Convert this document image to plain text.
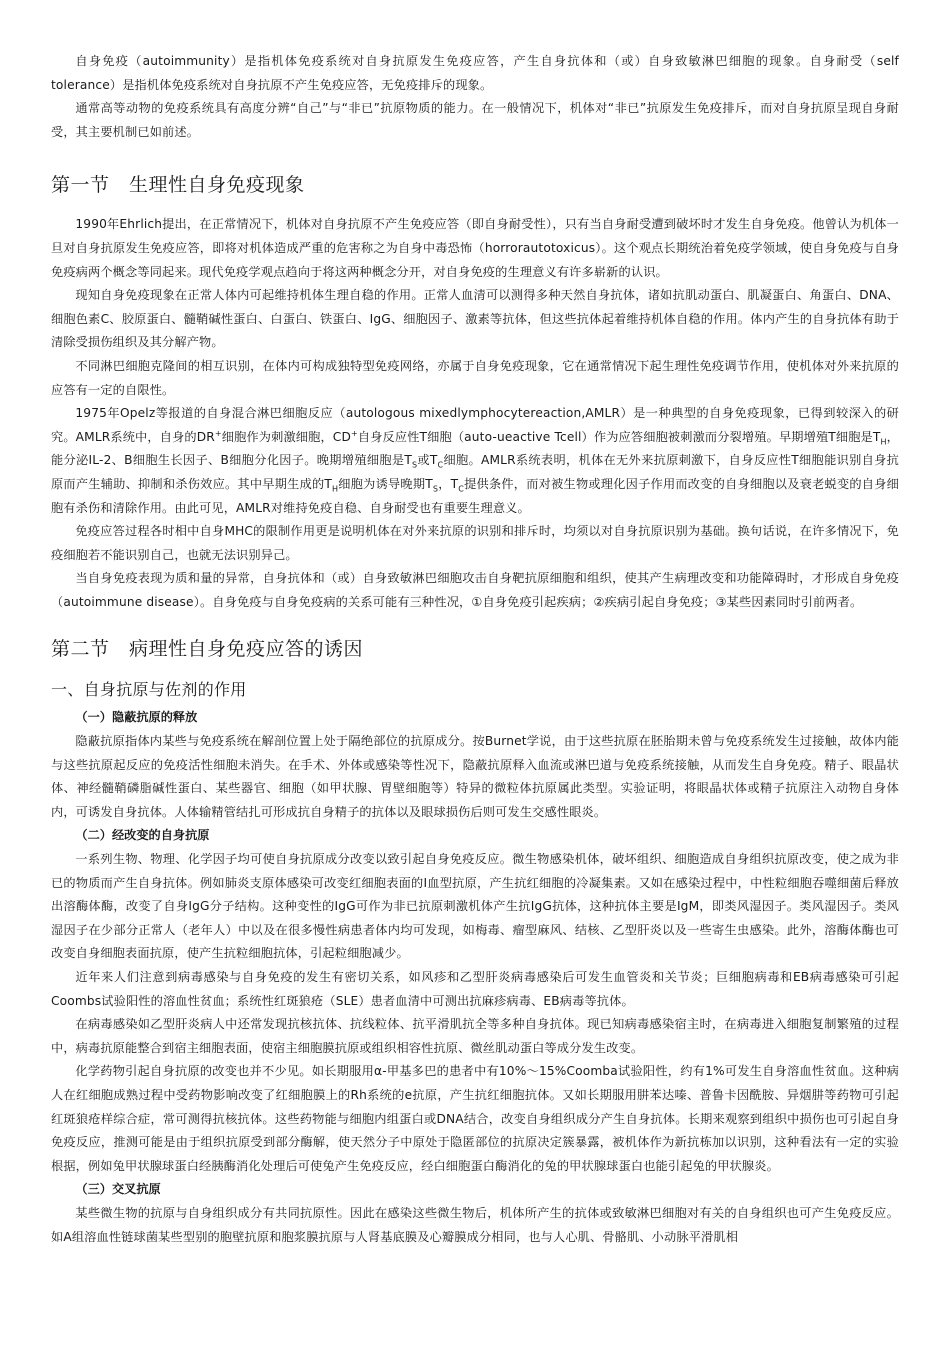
自身免疫（autoimmunity）是指机体免疫系统对自身抗原发生免疫应答，产生自身抗体和（或）自身致敏淋巴细胞的现象。自身耐受（self tolerance）是指机体免疫系统对自身抗原不产生免疫应答，无免疫排斥的现象。

通常高等动物的免疫系统具有高度分辨“自己”与“非已”抗原物质的能力。在一般情况下，机体对“非已”抗原发生免疫排斥，而对自身抗原呈现自身耐受，其主要机制已如前述。

第一节　生理性自身免疫现象

1990年Ehrlich提出，在正常情况下，机体对自身抗原不产生免疫应答（即自身耐受性），只有当自身耐受遭到破坏时才发生自身免疫。他曾认为机体一旦对自身抗原发生免疫应答，即将对机体造成严重的危害称之为自身中毒恐怖（horrorautotoxicus）。这个观点长期统治着免疫学领域，使自身免疫与自身免疫病两个概念等同起来。现代免疫学观点趋向于将这两种概念分开，对自身免疫的生理意义有许多崭新的认识。

现知自身免疫现象在正常人体内可起维持机体生理自稳的作用。正常人血清可以测得多种天然自身抗体，诸如抗肌动蛋白、肌凝蛋白、角蛋白、DNA、细胞色素C、胶原蛋白、髓鞘碱性蛋白、白蛋白、铁蛋白、IgG、细胞因子、激素等抗体，但这些抗体起着维持机体自稳的作用。体内产生的自身抗体有助于清除受损伤组织及其分解产物。

不同淋巴细胞克隆间的相互识别，在体内可构成独特型免疫网络，亦属于自身免疫现象，它在通常情况下起生理性免疫调节作用，使机体对外来抗原的应答有一定的自限性。

1975年Opelz等报道的自身混合淋巴细胞反应（autologous mixedlymphocytereaction,AMLR）是一种典型的自身免疫现象，已得到较深入的研究。AMLR系统中，自身的DR+细胞作为刺激细胞，CD+自身反应性T细胞（auto-ueactive Tcell）作为应答细胞被刺激而分裂增殖。早期增殖T细胞是$T_H$，能分泌IL-2、B细胞生长因子、B细胞分化因子。晚期增殖细胞是$T_S$或$T_C$细胞。AMLR系统表明，机体在无外来抗原刺激下，自身反应性T细胞能识别自身抗原而产生辅助、抑制和杀伤效应。其中早期生成的$T_H$细胞为诱导晚期$T_S$，$T_C$提供条件，而对被生物或理化因子作用而改变的自身细胞以及衰老蜕变的自身细胞有杀伤和清除作用。由此可见，AMLR对维持免疫自稳、自身耐受也有重要生理意义。

免疫应答过程各时相中自身MHC的限制作用更是说明机体在对外来抗原的识别和排斥时，均须以对自身抗原识别为基础。换句话说，在许多情况下，免疫细胞若不能识别自己，也就无法识别异己。

当自身免疫表现为质和量的异常，自身抗体和（或）自身致敏淋巴细胞攻击自身靶抗原细胞和组织，使其产生病理改变和功能障碍时，才形成自身免疫（autoimmune disease）。自身免疫与自身免疫病的关系可能有三种性况，①自身免疫引起疾病；②疾病引起自身免疫；③某些因素同时引前两者。

第二节　病理性自身免疫应答的诱因
一、自身抗原与佐剂的作用
（一）隐蔽抗原的释放

隐蔽抗原指体内某些与免疫系统在解剖位置上处于隔绝部位的抗原成分。按Burnet学说，由于这些抗原在胚胎期未曾与免疫系统发生过接触，故体内能与这些抗原起反应的免疫活性细胞未消失。在手术、外体或感染等性况下，隐蔽抗原释入血流或淋巴道与免疫系统接触，从而发生自身免疫。精子、眼晶状体、神经髓鞘磷脂碱性蛋白、某些器官、细胞（如甲状腺、胃壁细胞等）特异的微粒体抗原属此类型。实验证明，将眼晶状体或精子抗原注入动物自身体内，可诱发自身抗体。人体输精管结扎可形成抗自身精子的抗体以及眼球损伤后则可发生交感性眼炎。

（二）经改变的自身抗原

一系列生物、物理、化学因子均可使自身抗原成分改变以致引起自身免疫反应。微生物感染机体，破坏组织、细胞造成自身组织抗原改变，使之成为非已的物质而产生自身抗体。例如肺炎支原体感染可改变红细胞表面的I血型抗原，产生抗红细胞的冷凝集素。又如在感染过程中，中性粒细胞吞噬细菌后释放出溶酶体酶，改变了自身IgG分子结构。这种变性的IgG可作为非已抗原刺激机体产生抗IgG抗体，这种抗体主要是IgM，即类风湿因子。类风湿因子。类风湿因子在少部分正常人（老年人）中以及在很多慢性病患者体内均可发现，如梅毒、瘤型麻风、结核、乙型肝炎以及一些寄生虫感染。此外，溶酶体酶也可改变自身细胞表面抗原，使产生抗粒细胞抗体，引起粒细胞减少。

近年来人们注意到病毒感染与自身免疫的发生有密切关系，如风疹和乙型肝炎病毒感染后可发生血管炎和关节炎；巨细胞病毒和EB病毒感染可引起Coombs试验阳性的溶血性贫血；系统性红斑狼疮（SLE）患者血清中可测出抗麻疹病毒、EB病毒等抗体。

在病毒感染如乙型肝炎病人中还常发现抗核抗体、抗线粒体、抗平滑肌抗全等多种自身抗体。现已知病毒感染宿主时，在病毒进入细胞复制繁殖的过程中，病毒抗原能整合到宿主细胞表面，使宿主细胞膜抗原或组织相容性抗原、微丝肌动蛋白等成分发生改变。

化学药物引起自身抗原的改变也并不少见。如长期服用α-甲基多巴的患者中有10%～15%Coomba试验阳性，约有1%可发生自身溶血性贫血。这种病人在红细胞成熟过程中受药物影响改变了红细胞膜上的Rh系统的e抗原，产生抗红细胞抗体。又如长期服用肼苯达嗪、普鲁卡因酰胺、异烟肼等药物可引起红斑狼疮样综合症，常可测得抗核抗体。这些药物能与细胞内组蛋白或DNA结合，改变自身组织成分产生自身抗体。长期来观察到组织中损伤也可引起自身免疫反应，推测可能是由于组织抗原受到部分酶解，使天然分子中原处于隐匿部位的抗原决定簇暴露，被机体作为新抗栋加以识别，这种看法有一定的实验根据，例如兔甲状腺球蛋白经胰酶消化处理后可使兔产生免疫反应，经白细胞蛋白酶消化的兔的甲状腺球蛋白也能引起兔的甲状腺炎。

（三）交叉抗原

某些微生物的抗原与自身组织成分有共同抗原性。因此在感染这些微生物后，机体所产生的抗体或致敏淋巴细胞对有关的自身组织也可产生免疫反应。如A组溶血性链球菌某些型别的胞壁抗原和胞浆膜抗原与人肾基底膜及心瓣膜成分相同，也与人心肌、骨骼肌、小动脉平滑肌相
